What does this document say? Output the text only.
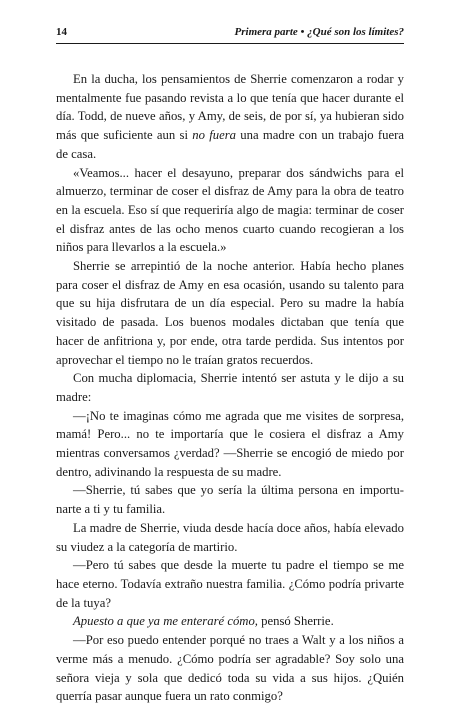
14	Primera parte • ¿Qué son los límites?

En la ducha, los pensamientos de Sherrie comenzaron a rodar y mentalmente fue pasando revista a lo que tenía que hacer durante el día. Todd, de nueve años, y Amy, de seis, de por sí, ya hubieran sido más que suficiente aun si no fuera una madre con un trabajo fuera de casa.

«Veamos... hacer el desayuno, preparar dos sándwichs para el almuerzo, terminar de coser el disfraz de Amy para la obra de teatro en la escuela. Eso sí que requeriría algo de magia: terminar de coser el disfraz antes de las ocho menos cuarto cuando recogieran a los niños para llevarlos a la escuela.»

Sherrie se arrepintió de la noche anterior. Había hecho planes para coser el disfraz de Amy en esa ocasión, usando su talento para que su hija disfrutara de un día especial. Pero su madre la había visitado de pasada. Los buenos modales dictaban que tenía que hacer de anfitriona y, por ende, otra tarde perdida. Sus intentos por aprovechar el tiempo no le traían gratos recuerdos.

Con mucha diplomacia, Sherrie intentó ser astuta y le dijo a su madre:

—¡No te imaginas cómo me agrada que me visites de sorpresa, mamá! Pero... no te importaría que le cosiera el disfraz a Amy mientras conversamos ¿verdad? —Sherrie se encogió de miedo por dentro, adivinando la respuesta de su madre.

—Sherrie, tú sabes que yo sería la última persona en importunarte a ti y tu familia.

La madre de Sherrie, viuda desde hacía doce años, había elevado su viudez a la categoría de martirio.

—Pero tú sabes que desde la muerte tu padre el tiempo se me hace eterno. Todavía extraño nuestra familia. ¿Cómo podría privarte de la tuya?

Apuesto a que ya me enteraré cómo, pensó Sherrie.

—Por eso puedo entender porqué no traes a Walt y a los niños a verme más a menudo. ¿Cómo podría ser agradable? Soy solo una señora vieja y sola que dedicó toda su vida a sus hijos. ¿Quién querría pasar aunque fuera un rato conmigo?
